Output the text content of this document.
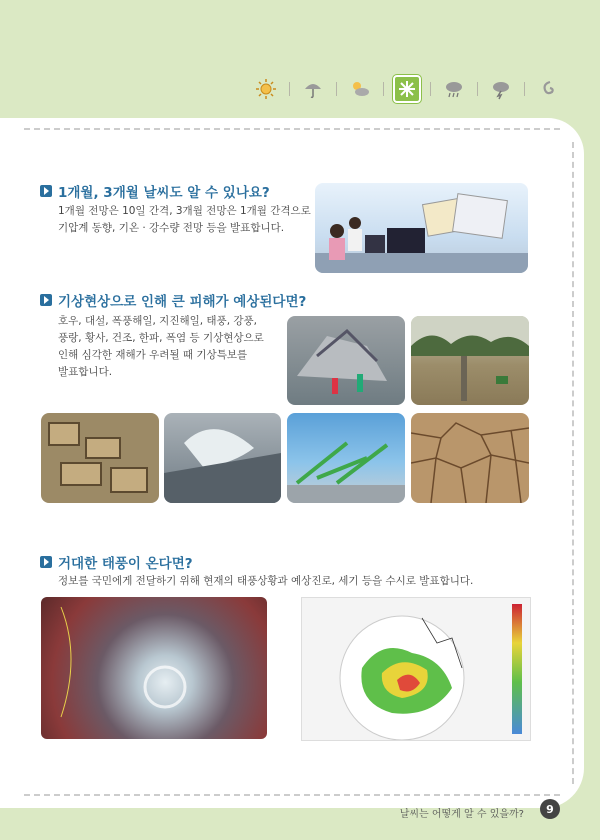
1개월, 3개월 날씨도 알 수 있나요?
1개월 전망은 10일 간격, 3개월 전망은 1개월 간격으로
기압계 동향, 기온 · 강수량 전망 등을 발표합니다.
기상현상으로 인해 큰 피해가 예상된다면?
호우, 대설, 폭풍해일, 지진해일, 태풍, 강풍,
풍랑, 황사, 건조, 한파, 폭염 등 기상현상으로
인해 심각한 재해가 우려될 때 기상특보를
발표합니다.
거대한 태풍이 온다면?
정보를 국민에게 전달하기 위해 현재의 태풍상황과 예상진로, 세기 등을 수시로 발표합니다.
날씨는 어떻게 알 수 있을까?	9
